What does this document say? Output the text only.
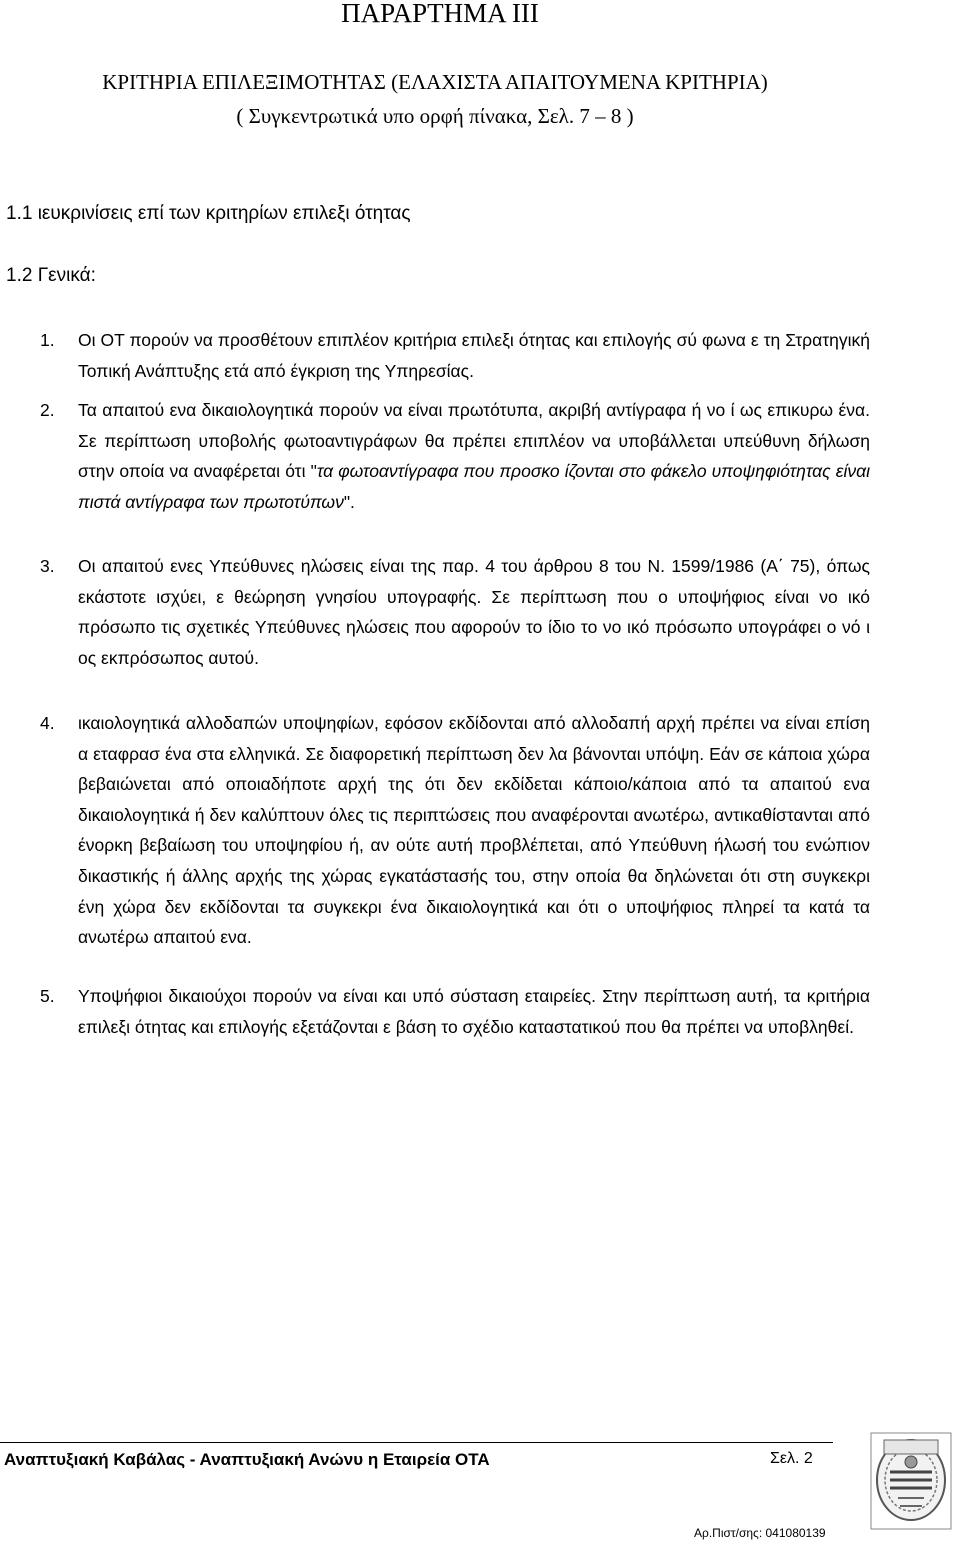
ΠΑΡΑΡΤΗΜΑ ΙΙΙ
ΚΡΙΤΗΡΙΑ ΕΠΙΛΕΞΙΜΟΤΗΤΑΣ (ΕΛΑΧΙΣΤΑ ΑΠΑΙΤΟΥΜΕΝΑ ΚΡΙΤΗΡΙΑ)
( Συγκεντρωτικά υπο ορφή πίνακα, Σελ. 7 – 8 )
1.1 ιευκρινίσεις επί των κριτηρίων επιλεξι ότητας
1.2 Γενικά:
1. Οι ΟΤ πορούν να προσθέτουν επιπλέον κριτήρια επιλεξι ότητας και επιλογής σύ φωνα ε τη Στρατηγική Τοπική Ανάπτυξης ετά από έγκριση της Υπηρεσίας.
2. Τα απαιτού ενα δικαιολογητικά πορούν να είναι πρωτότυπα, ακριβή αντίγραφα ή νο ί ως επικυρω ένα. Σε περίπτωση υποβολής φωτοαντιγράφων θα πρέπει επιπλέον να υποβάλλεται υπεύθυνη δήλωση στην οποία να αναφέρεται ότι "τα φωτοαντίγραφα που προσκο ίζονται στο φάκελο υποψηφιότητας είναι πιστά αντίγραφα των πρωτοτύπων".
3. Οι απαιτού ενες Υπεύθυνες ηλώσεις είναι της παρ. 4 του άρθρου 8 του Ν. 1599/1986 (Α΄ 75), όπως εκάστοτε ισχύει, ε θεώρηση γνησίου υπογραφής. Σε περίπτωση που ο υποψήφιος είναι νο ικό πρόσωπο τις σχετικές Υπεύθυνες ηλώσεις που αφορούν το ίδιο το νο ικό πρόσωπο υπογράφει ο νό ι ος εκπρόσωπος αυτού.
4. ικαιολογητικά αλλοδαπών υποψηφίων, εφόσον εκδίδονται από αλλοδαπή αρχή πρέπει να είναι επίση α εταφρασ ένα στα ελληνικά. Σε διαφορετική περίπτωση δεν λα βάνονται υπόψη. Εάν σε κάποια χώρα βεβαιώνεται από οποιαδήποτε αρχή της ότι δεν εκδίδεται κάποιο/κάποια από τα απαιτού ενα δικαιολογητικά ή δεν καλύπτουν όλες τις περιπτώσεις που αναφέρονται ανωτέρω, αντικαθίστανται από ένορκη βεβαίωση του υποψηφίου ή, αν ούτε αυτή προβλέπεται, από Υπεύθυνη ήλωσή του ενώπιον δικαστικής ή άλλης αρχής της χώρας εγκατάστασής του, στην οποία θα δηλώνεται ότι στη συγκεκρι ένη χώρα δεν εκδίδονται τα συγκεκρι ένα δικαιολογητικά και ότι ο υποψήφιος πληρεί τα κατά τα ανωτέρω απαιτού ενα.
5. Υποψήφιοι δικαιούχοι πορούν να είναι και υπό σύσταση εταιρείες. Στην περίπτωση αυτή, τα κριτήρια επιλεξι ότητας και επιλογής εξετάζονται ε βάση το σχέδιο καταστατικού που θα πρέπει να υποβληθεί.
Αναπτυξιακή Καβάλας - Αναπτυξιακή Ανώνυ η Εταιρεία ΟΤΑ	Σελ. 2
Αρ.Πιστ/σης: 041080139
